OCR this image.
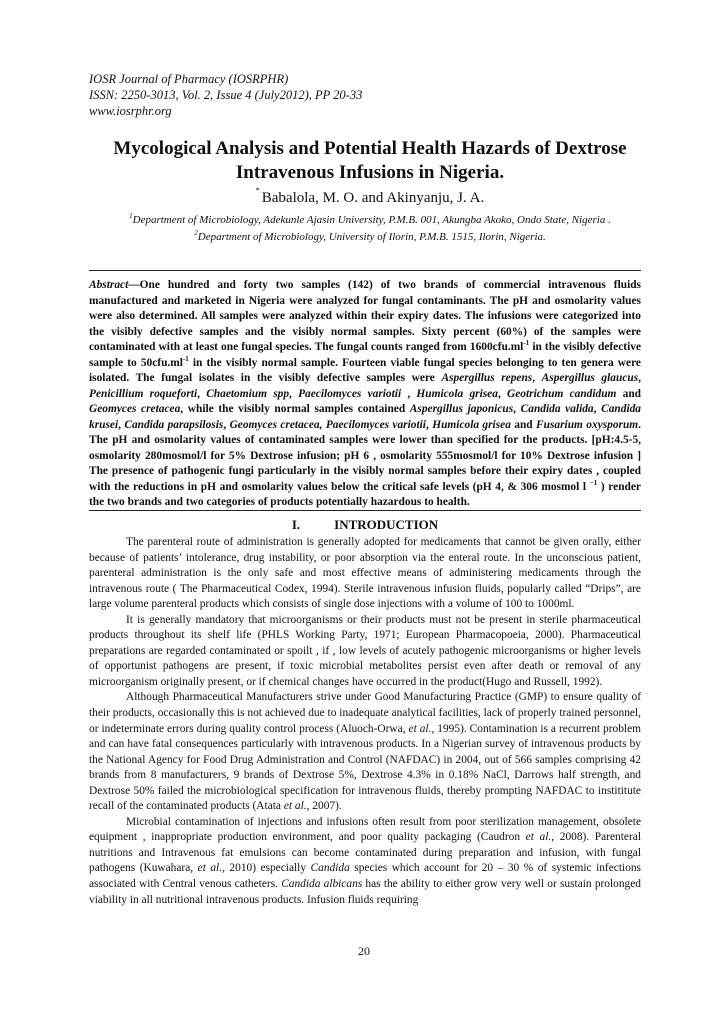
IOSR Journal of Pharmacy (IOSRPHR)
ISSN: 2250-3013, Vol. 2, Issue 4 (July2012), PP 20-33
www.iosrphr.org
Mycological Analysis and Potential Health Hazards of Dextrose Intravenous Infusions in Nigeria.
* Babalola, M. O. and Akinyanju, J. A.
$^1$Department of Microbiology, Adekunle Ajasin University, P.M.B. 001, Akungba Akoko, Ondo State, Nigeria .
$^2$Department of Microbiology, University of Ilorin, P.M.B. 1515, Ilorin, Nigeria.
Abstract—One hundred and forty two samples (142) of two brands of commercial intravenous fluids manufactured and marketed in Nigeria were analyzed for fungal contaminants. The pH and osmolarity values were also determined. All samples were analyzed within their expiry dates. The infusions were categorized into the visibly defective samples and the visibly normal samples. Sixty percent (60%) of the samples were contaminated with at least one fungal species. The fungal counts ranged from $1600cfu.ml^{-1}$ in the visibly defective sample to $50cfu.ml^{-1}$ in the visibly normal sample. Fourteen viable fungal species belonging to ten genera were isolated. The fungal isolates in the visibly defective samples were Aspergillus repens, Aspergillus glaucus, Penicillium roqueforti, Chaetomium spp, Paecilomyces variotii , Humicola grisea, Geotrichum candidum and Geomyces cretacea, while the visibly normal samples contained Aspergillus japonicus, Candida valida, Candida krusei, Candida parapsilosis, Geomyces cretacea, Paecilomyces variotii, Humicola grisea and Fusarium oxysporum. The pH and osmolarity values of contaminated samples were lower than specified for the products. [pH:4.5-5, osmolarity 280mosmol/l for 5% Dextrose infusion; pH 6 , osmolarity 555mosmol/l for 10% Dextrose infusion ] The presence of pathogenic fungi particularly in the visibly normal samples before their expiry dates , coupled with the reductions in pH and osmolarity values below the critical safe levels (pH 4, & 306 mosmol l $^{-1}$ ) render the two brands and two categories of products potentially hazardous to health.
I.	INTRODUCTION

The parenteral route of administration is generally adopted for medicaments that cannot be given orally, either because of patients’ intolerance, drug instability, or poor absorption via the enteral route. In the unconscious patient, parenteral administration is the only safe and most effective means of administering medicaments through the intravenous route ( The Pharmaceutical Codex, 1994). Sterile intravenous infusion fluids, popularly called “Drips”, are large volume parenteral products which consists of single dose injections with a volume of 100 to 1000ml.

It is generally mandatory that microorganisms or their products must not be present in sterile pharmaceutical products throughout its shelf life (PHLS Working Party, 1971; European Pharmacopoeia, 2000). Pharmaceutical preparations are regarded contaminated or spoilt , if , low levels of acutely pathogenic microorganisms or higher levels of opportunist pathogens are present, if toxic microbial metabolites persist even after death or removal of any microorganism originally present, or if chemical changes have occurred in the product(Hugo and Russell, 1992).

Although Pharmaceutical Manufacturers strive under Good Manufacturing Practice (GMP) to ensure quality of their products, occasionally this is not achieved due to inadequate analytical facilities, lack of properly trained personnel, or indeterminate errors during quality control process (Aluoch-Orwa, et al., 1995). Contamination is a recurrent problem and can have fatal consequences particularly with intravenous products. In a Nigerian survey of intravenous products by the National Agency for Food Drug Administration and Control (NAFDAC) in 2004, out of 566 samples comprising 42 brands from 8 manufacturers, 9 brands of Dextrose 5%, Dextrose 4.3% in 0.18% NaCl, Darrows half strength, and Dextrose 50% failed the microbiological specification for intravenous fluids, thereby prompting NAFDAC to instititute recall of the contaminated products (Atata et al., 2007).

Microbial contamination of injections and infusions often result from poor sterilization management, obsolete equipment , inappropriate production environment, and poor quality packaging (Caudron et al., 2008). Parenteral nutritions and Intravenous fat emulsions can become contaminated during preparation and infusion, with fungal pathogens (Kuwahara, et al., 2010) especially Candida species which account for 20 – 30 % of systemic infections associated with Central venous catheters. Candida albicans has the ability to either grow very well or sustain prolonged viability in all nutritional intravenous products. Infusion fluids requiring

20
